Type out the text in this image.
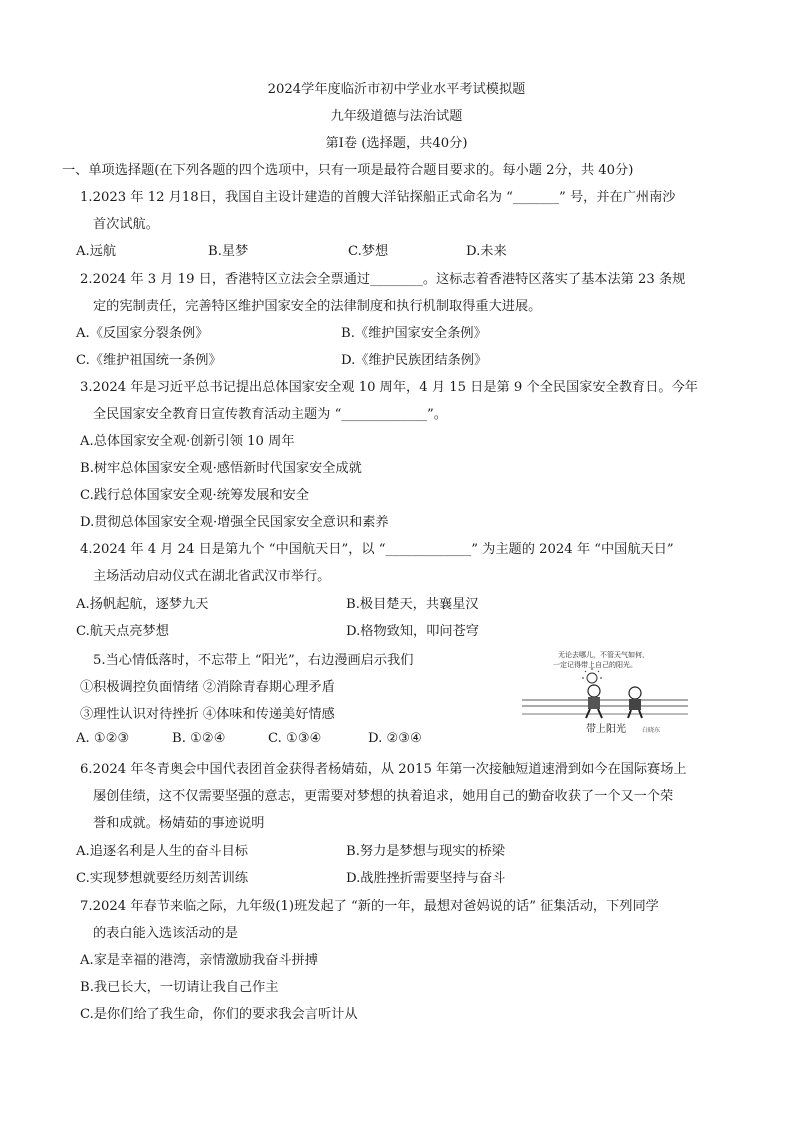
2024学年度临沂市初中学业水平考试模拟题
九年级道德与法治试题
第Ⅰ卷 (选择题，共40分)
一、单项选择题(在下列各题的四个选项中，只有一项是最符合题目要求的。每小题 2分，共 40分)
1.2023 年 12 月18日，我国自主设计建造的首艘大洋钻探船正式命名为 “_______” 号，并在广州南沙
首次试航。
A.远航	B.星梦	C.梦想	D.未来
2.2024 年 3 月 19 日，香港特区立法会全票通过________。这标志着香港特区落实了基本法第 23 条规
定的宪制责任，完善特区维护国家安全的法律制度和执行机制取得重大进展。
A.《反国家分裂条例》	B.《维护国家安全条例》
C.《维护祖国统一条例》	D.《维护民族团结条例》
3.2024 年是习近平总书记提出总体国家安全观 10 周年，4 月 15 日是第 9 个全民国家安全教育日。今年
全民国家安全教育日宣传教育活动主题为 “_____________”。
A.总体国家安全观·创新引领 10 周年
B.树牢总体国家安全观·感悟新时代国家安全成就
C.践行总体国家安全观·统筹发展和安全
D.贯彻总体国家安全观·增强全民国家安全意识和素养
4.2024 年 4 月 24 日是第九个 “中国航天日”，以 “_____________” 为主题的 2024 年 “中国航天日”
主场活动启动仪式在湖北省武汉市举行。
A.扬帆起航，逐梦九天	B.极目楚天，共襄星汉
C.航天点亮梦想	D.格物致知，叩问苍穹
5.当心情低落时，不忘带上 “阳光”，右边漫画启示我们
①积极调控负面情绪 ②消除青春期心理矛盾
③理性认识对待挫折 ④体味和传递美好情感
A. ①②③	B. ①②④	C. ①③④	D. ②③④
无论去哪儿，不管天气如何，
一定记得带上自己的阳光。
带上阳光	白晓东
6.2024 年冬青奥会中国代表团首金获得者杨婧茹，从 2015 年第一次接触短道速滑到如今在国际赛场上
屡创佳绩，这不仅需要坚强的意志，更需要对梦想的执着追求，她用自己的勤奋收获了一个又一个荣
誉和成就。杨婧茹的事迹说明
A.追逐名利是人生的奋斗目标	B.努力是梦想与现实的桥梁
C.实现梦想就要经历刻苦训练	D.战胜挫折需要坚持与奋斗
7.2024 年春节来临之际，九年级(1)班发起了 “新的一年，最想对爸妈说的话” 征集活动，下列同学
的表白能入选该活动的是
A.家是幸福的港湾，亲情激励我奋斗拼搏
B.我已长大，一切请让我自己作主
C.是你们给了我生命，你们的要求我会言听计从
